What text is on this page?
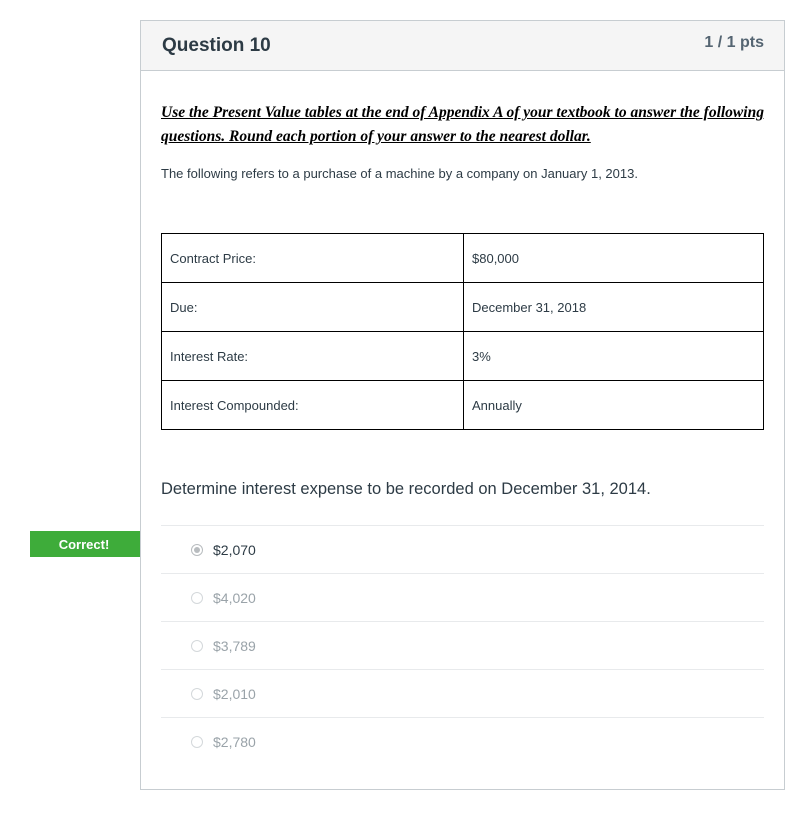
Correct!
Question 10	1 / 1 pts

Use the Present Value tables at the end of Appendix A of your textbook to answer the following questions. Round each portion of your answer to the nearest dollar.

The following refers to a purchase of a machine by a company on January 1, 2013.

Contract Price:	$80,000
Due:	December 31, 2018
Interest Rate:	3%
Interest Compounded:	Annually
Determine interest expense to be recorded on December 31, 2014.
$2,070
$4,020
$3,789
$2,010
$2,780
